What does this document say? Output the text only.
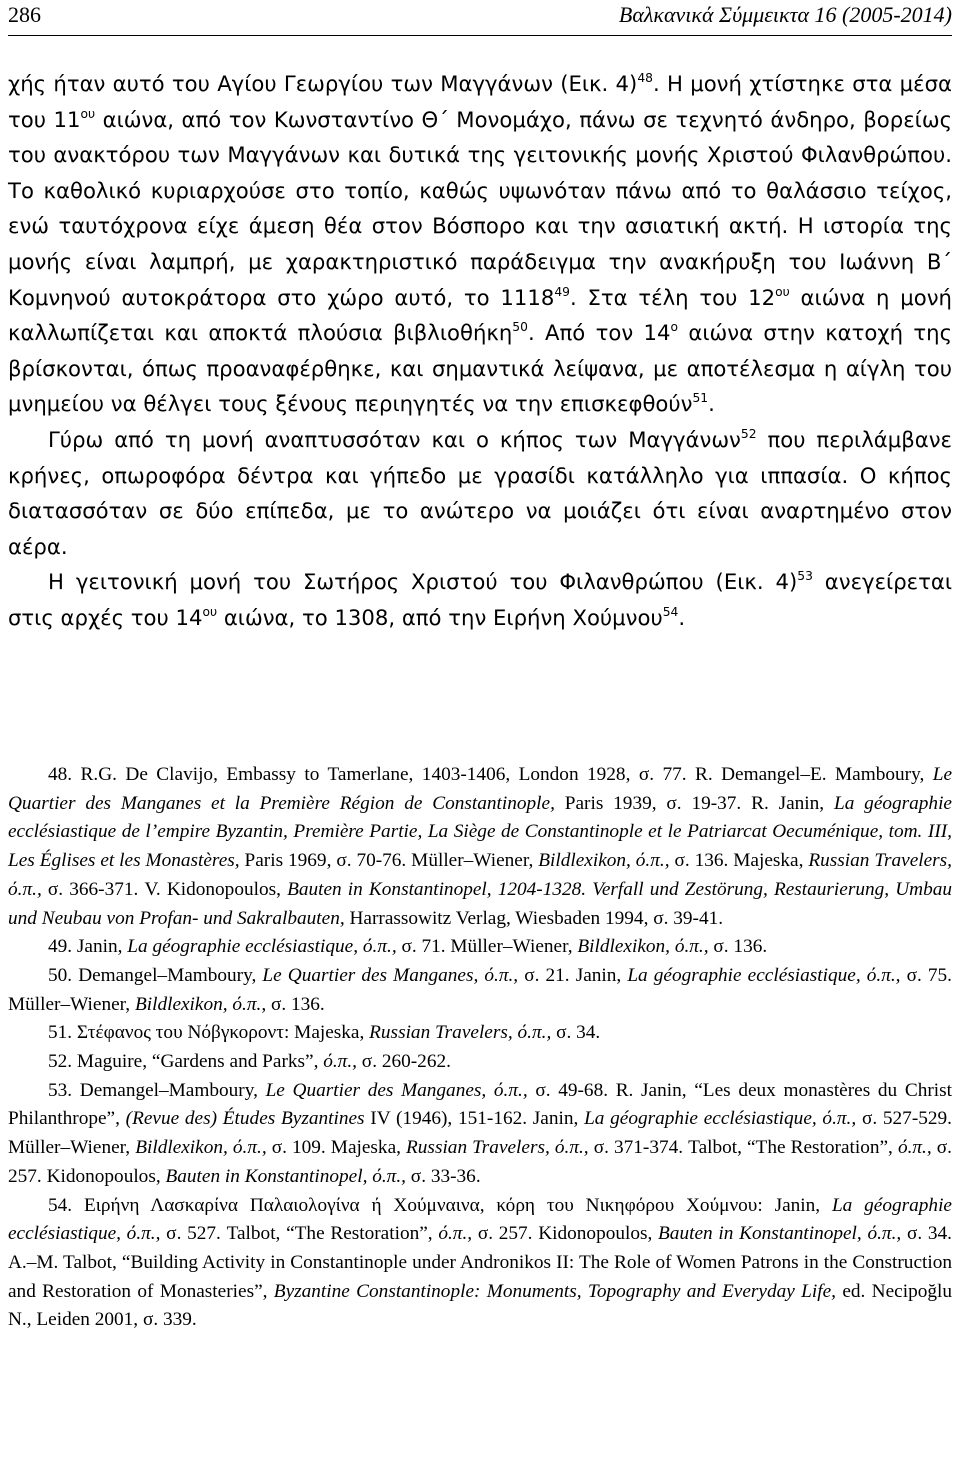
286	Βαλκανικά Σύμμεικτα 16 (2005-2014)

χής ήταν αυτό του Αγίου Γεωργίου των Μαγγάνων (Εικ. 4)$^{48}$. Η μονή χτίστηκε στα μέσα του $11^{o\upsilon}$ αιώνα, από τον Κωνσταντίνο Θ΄ Μονομάχο, πάνω σε τεχνητό άνδηρο, βορείως του ανακτόρου των Μαγγάνων και δυτικά της γειτονικής μονής Χριστού Φιλανθρώπου. Το καθολικό κυριαρχούσε στο τοπίο, καθώς υψωνόταν πάνω από το θαλάσσιο τείχος, ενώ ταυτόχρονα είχε άμεση θέα στον Βόσπορο και την ασιατική ακτή. Η ιστορία της μονής είναι λαμπρή, με χαρακτηριστικό παράδειγμα την ανακήρυξη του Ιωάννη Β΄ Κομνηνού αυτοκράτορα στο χώρο αυτό, το 1118$^{49}$. Στα τέλη του $12^{o\upsilon}$ αιώνα η μονή καλλωπίζεται και αποκτά πλούσια βιβλιοθήκη$^{50}$. Από τον $14^o$ αιώνα στην κατοχή της βρίσκονται, όπως προαναφέρθηκε, και σημαντικά λείψανα, με αποτέλεσμα η αίγλη του μνημείου να θέλγει τους ξένους περιηγητές να την επισκεφθούν$^{51}$.

Γύρω από τη μονή αναπτυσσόταν και ο κήπος των Μαγγάνων$^{52}$ που περιλάμβανε κρήνες, οπωροφόρα δέντρα και γήπεδο με γρασίδι κατάλληλο για ιππασία. Ο κήπος διατασσόταν σε δύο επίπεδα, με το ανώτερο να μοιάζει ότι είναι αναρτημένο στον αέρα.

Η γειτονική μονή του Σωτήρος Χριστού του Φιλανθρώπου (Εικ. 4)$^{53}$ ανεγείρεται στις αρχές του $14^{o\upsilon}$ αιώνα, το 1308, από την Ειρήνη Χούμνου$^{54}$.

48. R.G. De Clavijo, Embassy to Tamerlane, 1403-1406, London 1928, σ. 77. R. Demangel–E. Mamboury, Le Quartier des Manganes et la Première Région de Constantinople, Paris 1939, σ. 19-37. R. Janin, La géographie ecclésiastique de l’empire Byzantin, Première Partie, La Siège de Constantinople et le Patriarcat Oecuménique, tom. III, Les Églises et les Monastères, Paris 1969, σ. 70-76. Müller–Wiener, Bildlexikon, ό.π., σ. 136. Majeska, Russian Travelers, ό.π., σ. 366-371. V. Kidonopoulos, Bauten in Konstantinopel, 1204-1328. Verfall und Zestörung, Restaurierung, Umbau und Neubau von Profan- und Sakralbauten, Harrassowitz Verlag, Wiesbaden 1994, σ. 39-41.

49. Janin, La géographie ecclésiastique, ό.π., σ. 71. Müller–Wiener, Bildlexikon, ό.π., σ. 136.

50. Demangel–Mamboury, Le Quartier des Manganes, ό.π., σ. 21. Janin, La géographie ecclésiastique, ό.π., σ. 75. Müller–Wiener, Bildlexikon, ό.π., σ. 136.

51. Στέφανος του Νόβγκοροντ: Majeska, Russian Travelers, ό.π., σ. 34.

52. Maguire, “Gardens and Parks”, ό.π., σ. 260-262.

53. Demangel–Mamboury, Le Quartier des Manganes, ό.π., σ. 49-68. R. Janin, “Les deux monastères du Christ Philanthrope”, (Revue des) Études Byzantines IV (1946), 151-162. Janin, La géographie ecclésiastique, ό.π., σ. 527-529. Müller–Wiener, Bildlexikon, ό.π., σ. 109. Majeska, Russian Travelers, ό.π., σ. 371-374. Talbot, “The Restoration”, ό.π., σ. 257. Kidonopoulos, Bauten in Konstantinopel, ό.π., σ. 33-36.

54. Ειρήνη Λασκαρίνα Παλαιολογίνα ή Χούμναινα, κόρη του Νικηφόρου Χούμνου: Janin, La géographie ecclésiastique, ό.π., σ. 527. Talbot, “The Restoration”, ό.π., σ. 257. Kidonopoulos, Bauten in Konstantinopel, ό.π., σ. 34. A.–M. Talbot, “Building Activity in Constantinople under Andronikos II: The Role of Women Patrons in the Construction and Restoration of Monasteries”, Byzantine Constantinople: Monuments, Topography and Everyday Life, ed. Necipoğlu N., Leiden 2001, σ. 339.
